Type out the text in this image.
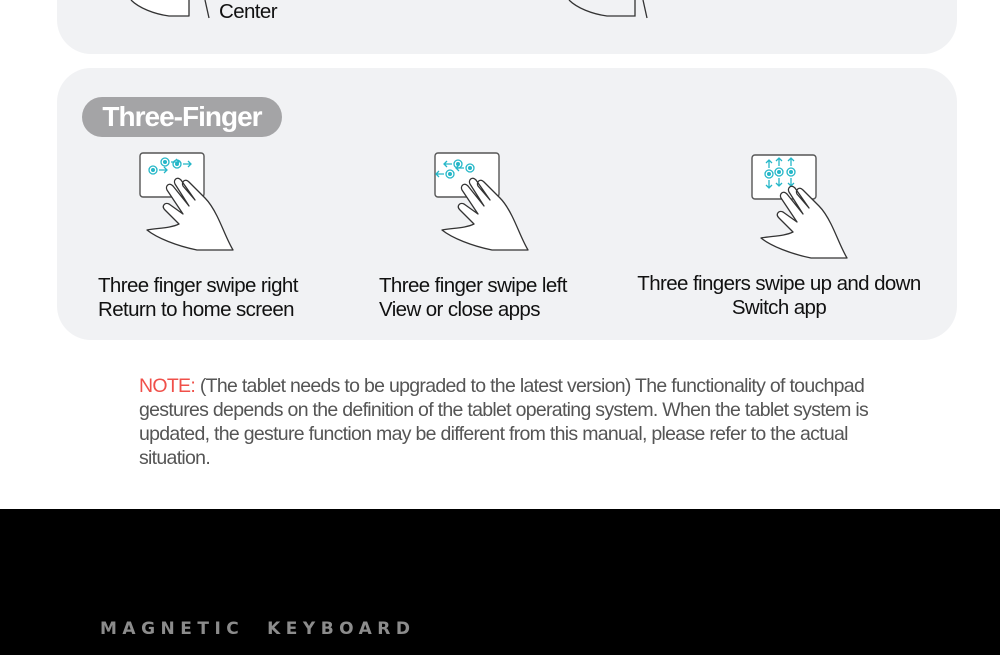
Center
Three-Finger
Three finger swipe right
Return to home screen
Three finger swipe left
View or close apps
Three fingers swipe up and down
Switch app
NOTE: (The tablet needs to be upgraded to the latest version) The functionality of touchpad gestures depends on the definition of the tablet operating system. When the tablet system is updated, the gesture function may be different from this manual, please refer to the actual situation.
MAGNETIC  KEYBOARD
